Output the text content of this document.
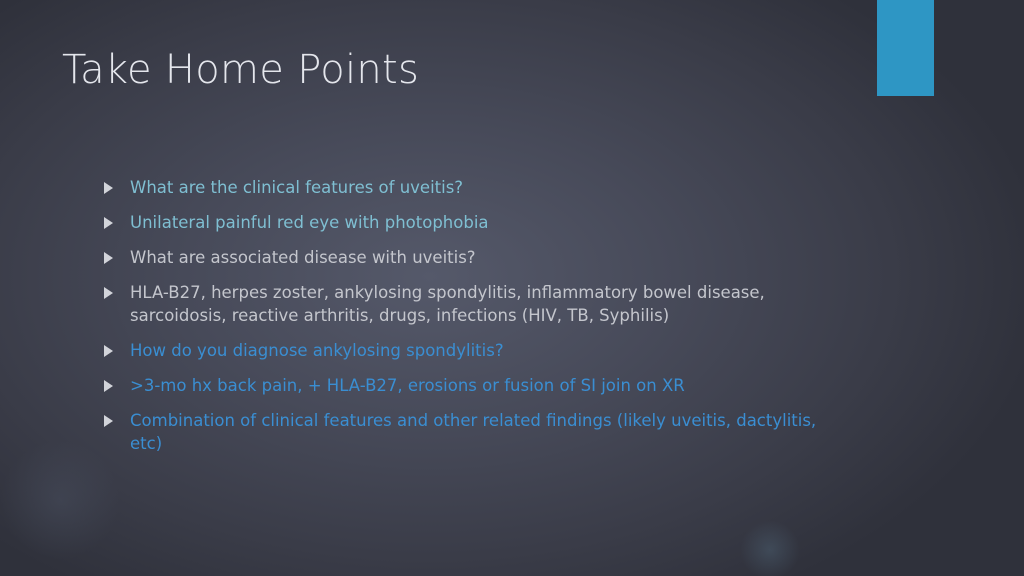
Take Home Points
What are the clinical features of uveitis?
Unilateral painful red eye with photophobia
What are associated disease with uveitis?
HLA-B27, herpes zoster, ankylosing spondylitis, inflammatory bowel disease, sarcoidosis, reactive arthritis, drugs, infections (HIV, TB, Syphilis)
How do you diagnose ankylosing spondylitis?
>3-mo hx back pain, + HLA-B27, erosions or fusion of SI join on XR
Combination of clinical features and other related findings (likely uveitis, dactylitis, etc)
